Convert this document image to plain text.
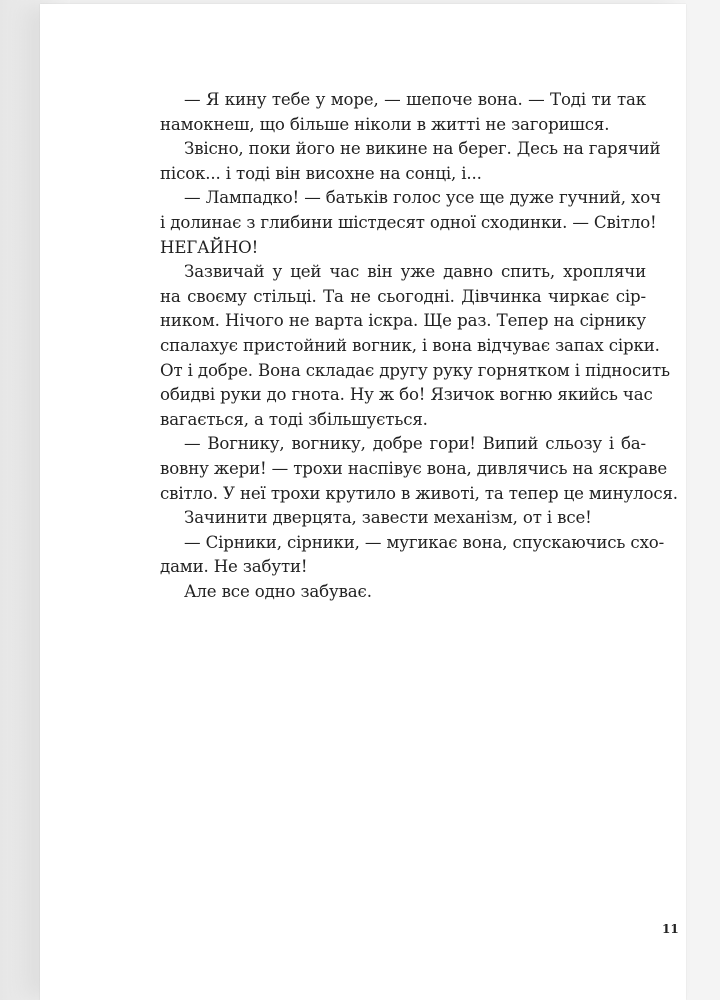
— Я кину тебе у море, — шепоче вона. — Тоді ти так
намокнеш, що більше ніколи в житті не загоришся.
Звісно, поки його не викине на берег. Десь на гарячий
пісок... і тоді він висохне на сонці, і...
— Лампадко! — батьків голос усе ще дуже гучний, хоч
і долинає з глибини шістдесят одної сходинки. — Світло!
НЕГАЙНО!
Зазвичай у цей час він уже давно спить, хроплячи
на своєму стільці. Та не сьогодні. Дівчинка чиркає сір-
ником. Нічого не варта іскра. Ще раз. Тепер на сірнику
спалахує пристойний вогник, і вона відчуває запах сірки.
От і добре. Вона складає другу руку горнятком і підносить
обидві руки до гнота. Ну ж бо! Язичок вогню якийсь час
вагається, а тоді збільшується.
— Вогнику, вогнику, добре гори! Випий сльозу і ба-
вовну жери! — трохи наспівує вона, дивлячись на яскраве
світло. У неї трохи крутило в животі, та тепер це минулося.
Зачинити дверцята, завести механізм, от і все!
— Сірники, сірники, — мугикає вона, спускаючись схо-
дами. Не забути!
Але все одно забуває.
11
